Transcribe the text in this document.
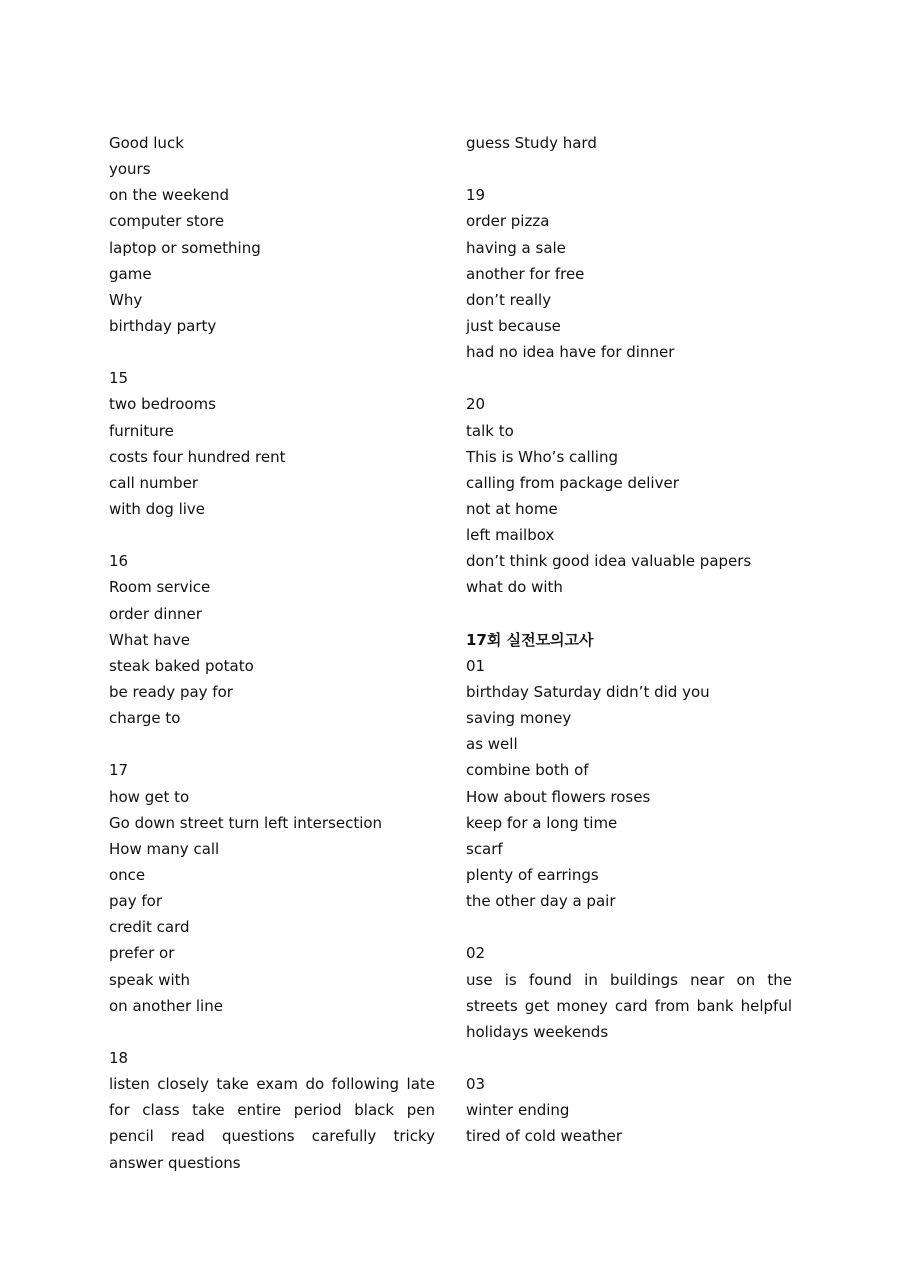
Good luck
yours
on the weekend
computer store
laptop or something
game
Why
birthday party
15
two bedrooms
furniture
costs four hundred rent
call number
with dog live
16
Room service
order dinner
What have
steak baked potato
be ready pay for
charge to
17
how get to
Go down street turn left intersection
How many call
once
pay for
credit card
prefer or
speak with
on another line
18
listen closely take exam do following late for class take entire period black pen pencil read questions carefully tricky answer questions
guess Study hard
19
order pizza
having a sale
another for free
don’t really
just because
had no idea have for dinner
20
talk to
This is Who’s calling
calling from package deliver
not at home
left mailbox
don’t think good idea valuable papers
what do with
17회 실전모의고사
01
birthday Saturday didn’t did you
saving money
as well
combine both of
How about flowers roses
keep for a long time
scarf
plenty of earrings
the other day a pair
02
use is found in buildings near on the streets get money card from bank helpful holidays weekends
03
winter ending
tired of cold weather
